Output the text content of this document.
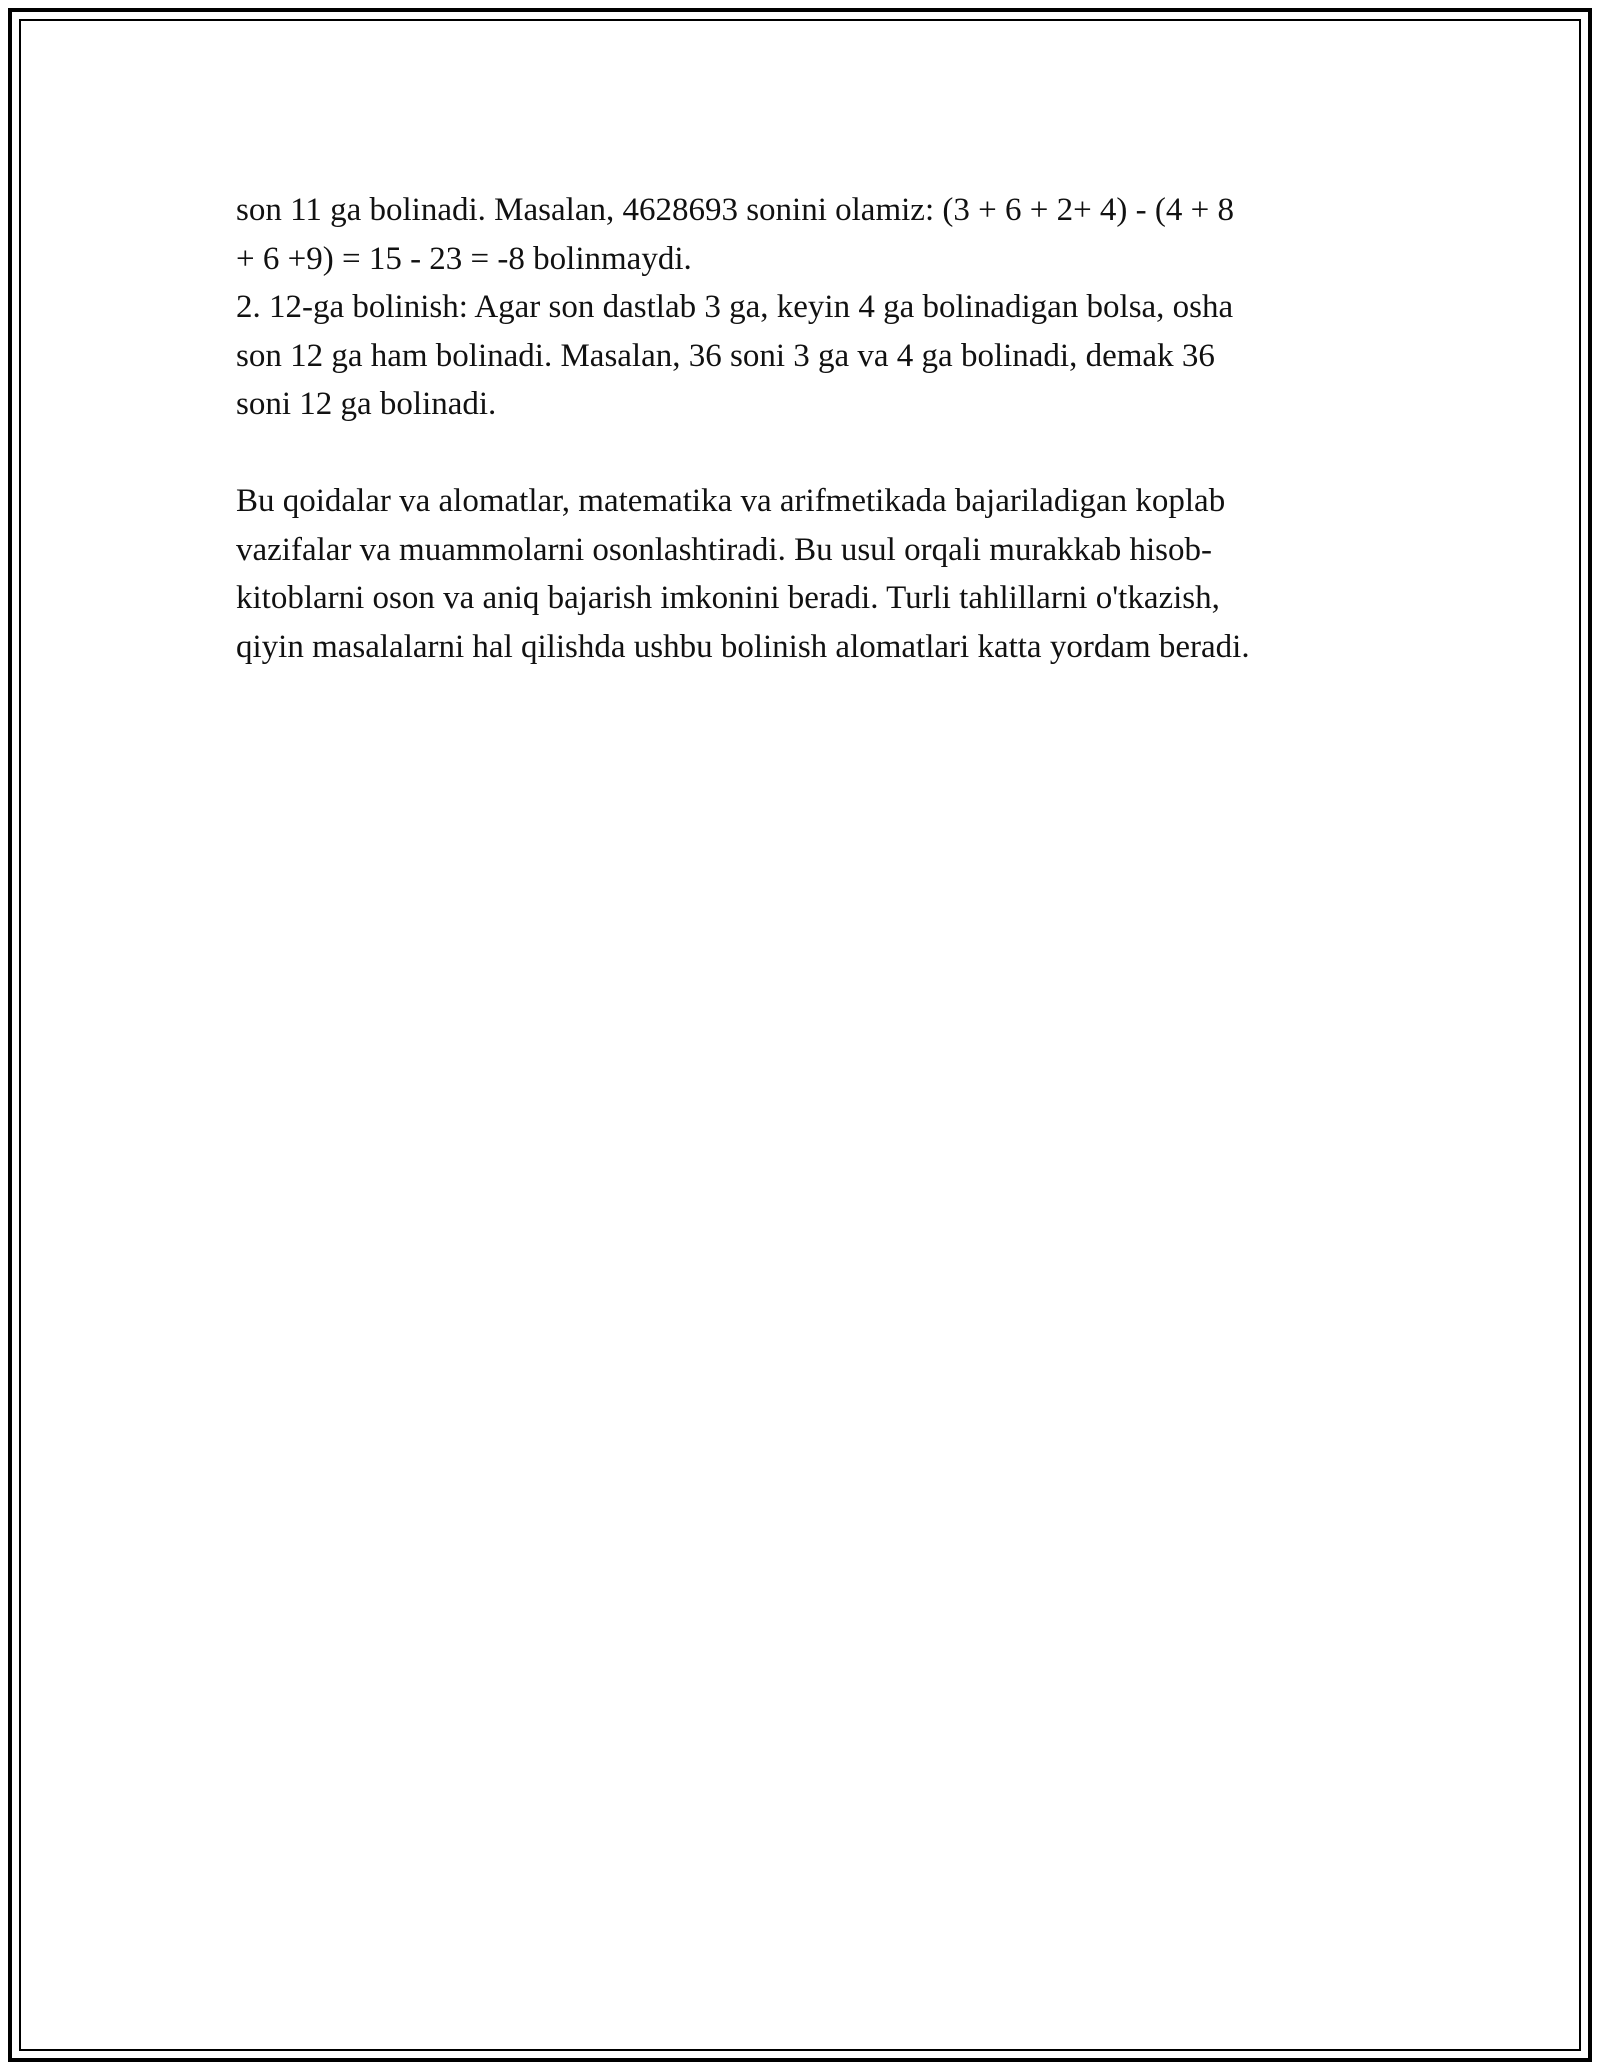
son 11 ga bolinadi. Masalan, 4628693 sonini olamiz: (3 + 6 + 2+ 4) - (4 + 8

+ 6 +9) = 15 - 23 = -8 bolinmaydi.

2. 12-ga bolinish: Agar son dastlab 3 ga, keyin 4 ga bolinadigan bolsa, osha

son 12 ga ham bolinadi. Masalan, 36 soni 3 ga va 4 ga bolinadi, demak 36

soni 12 ga bolinadi.

Bu qoidalar va alomatlar, matematika va arifmetikada bajariladigan koplab

vazifalar va muammolarni osonlashtiradi. Bu usul orqali murakkab hisob-

kitoblarni oson va aniq bajarish imkonini beradi. Turli tahlillarni o'tkazish,

qiyin masalalarni hal qilishda ushbu bolinish alomatlari katta yordam beradi.
